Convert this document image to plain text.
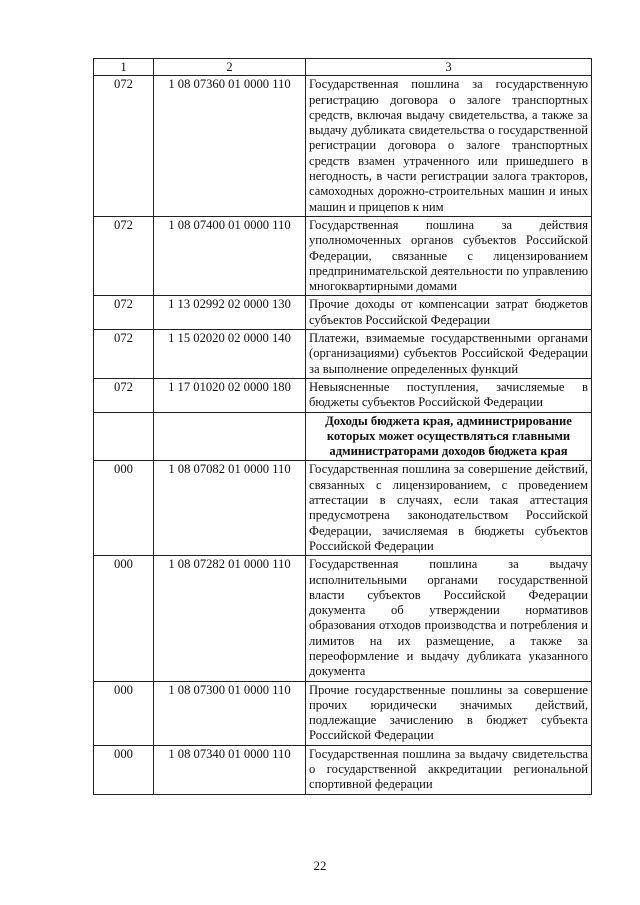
1	2	3
072	1 08 07360 01 0000 110	Государственная пошлина за государственную регистрацию договора о залоге транспортных средств, включая выдачу свидетельства, а также за выдачу дубликата свидетельства о государственной регистрации договора о залоге транспортных средств взамен утраченного или пришедшего в негодность, в части регистрации залога тракторов, самоходных дорожно-строительных машин и иных машин и прицепов к ним
072	1 08 07400 01 0000 110	Государственная пошлина за действия уполномоченных органов субъектов Российской Федерации, связанные с лицензированием предпринимательской деятельности по управлению многоквартирными домами
072	1 13 02992 02 0000 130	Прочие доходы от компенсации затрат бюджетов субъектов Российской Федерации
072	1 15 02020 02 0000 140	Платежи, взимаемые государственными органами (организациями) субъектов Российской Федерации за выполнение определенных функций
072	1 17 01020 02 0000 180	Невыясненные поступления, зачисляемые в бюджеты субъектов Российской Федерации
		Доходы бюджета края, администрирование которых может осуществляться главными администраторами доходов бюджета края
000	1 08 07082 01 0000 110	Государственная пошлина за совершение действий, связанных с лицензированием, с проведением аттестации в случаях, если такая аттестация предусмотрена законодательством Российской Федерации, зачисляемая в бюджеты субъектов Российской Федерации
000	1 08 07282 01 0000 110	Государственная пошлина за выдачу исполнительными органами государственной власти субъектов Российской Федерации документа об утверждении нормативов образования отходов производства и потребления и лимитов на их размещение, а также за переоформление и выдачу дубликата указанного документа
000	1 08 07300 01 0000 110	Прочие государственные пошлины за совершение прочих юридически значимых действий, подлежащие зачислению в бюджет субъекта Российской Федерации
000	1 08 07340 01 0000 110	Государственная пошлина за выдачу свидетельства о государственной аккредитации региональной спортивной федерации
22
